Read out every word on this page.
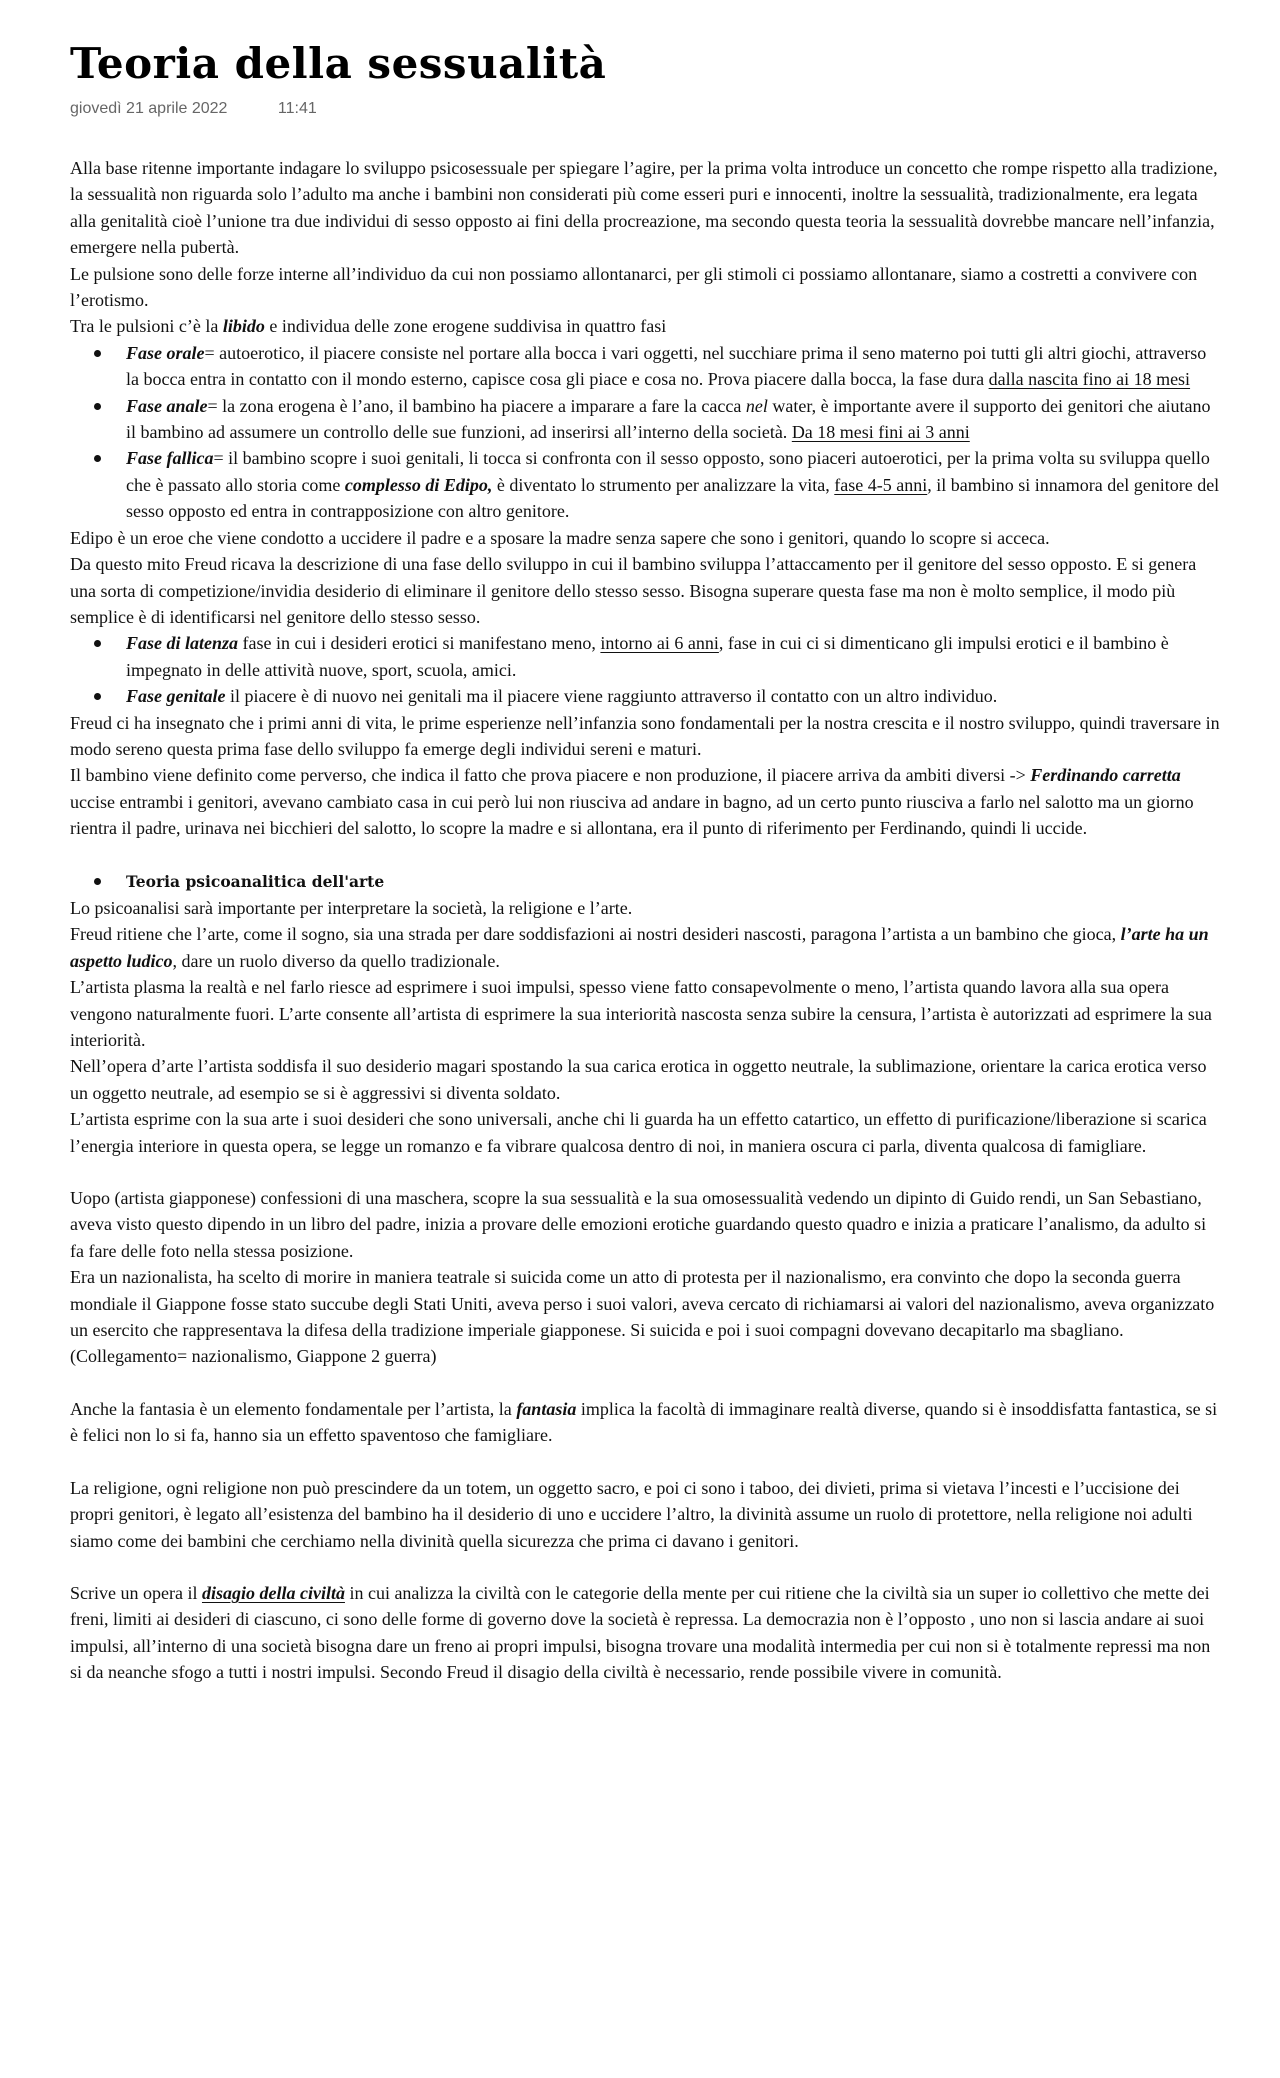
Teoria della sessualità
giovedì 21 aprile 2022	11:41

Alla base ritenne importante indagare lo sviluppo psicosessuale per spiegare l’agire, per la prima volta introduce un concetto che rompe rispetto alla tradizione, la sessualità non riguarda solo l’adulto ma anche i bambini non considerati più come esseri puri e innocenti, inoltre la sessualità, tradizionalmente, era legata alla genitalità cioè l’unione tra due individui di sesso opposto ai fini della procreazione, ma secondo questa teoria la sessualità dovrebbe mancare nell’infanzia, emergere nella pubertà.

Le pulsione sono delle forze interne all’individuo da cui non possiamo allontanarci, per gli stimoli ci possiamo allontanare, siamo a costretti a convivere con l’erotismo.

Tra le pulsioni c’è la libido e individua delle zone erogene suddivisa in quattro fasi

Fase orale= autoerotico, il piacere consiste nel portare alla bocca i vari oggetti, nel succhiare prima il seno materno poi tutti gli altri giochi, attraverso la bocca entra in contatto con il mondo esterno, capisce cosa gli piace e cosa no. Prova piacere dalla bocca, la fase dura dalla nascita fino ai 18 mesi
Fase anale= la zona erogena è l’ano, il bambino ha piacere a imparare a fare la cacca nel water, è importante avere il supporto dei genitori che aiutano il bambino ad assumere un controllo delle sue funzioni, ad inserirsi all’interno della società. Da 18 mesi fini ai 3 anni
Fase fallica= il bambino scopre i suoi genitali, li tocca si confronta con il sesso opposto, sono piaceri autoerotici, per la prima volta su sviluppa quello che è passato allo storia come complesso di Edipo, è diventato lo strumento per analizzare la vita, fase 4-5 anni, il bambino si innamora del genitore del sesso opposto ed entra in contrapposizione con altro genitore.

Edipo è un eroe che viene condotto a uccidere il padre e a sposare la madre senza sapere che sono i genitori, quando lo scopre si acceca.

Da questo mito Freud ricava la descrizione di una fase dello sviluppo in cui il bambino sviluppa l’attaccamento per il genitore del sesso opposto. E si genera una sorta di competizione/invidia desiderio di eliminare il genitore dello stesso sesso. Bisogna superare questa fase ma non è molto semplice, il modo più semplice è di identificarsi nel genitore dello stesso sesso.

Fase di latenza fase in cui i desideri erotici si manifestano meno, intorno ai 6 anni, fase in cui ci si dimenticano gli impulsi erotici e il bambino è impegnato in delle attività nuove, sport, scuola, amici.
Fase genitale il piacere è di nuovo nei genitali ma il piacere viene raggiunto attraverso il contatto con un altro individuo.

Freud ci ha insegnato che i primi anni di vita, le prime esperienze nell’infanzia sono fondamentali per la nostra crescita e il nostro sviluppo, quindi traversare in modo sereno questa prima fase dello sviluppo fa emerge degli individui sereni e maturi.

Il bambino viene definito come perverso, che indica il fatto che prova piacere e non produzione, il piacere arriva da ambiti diversi -> Ferdinando carretta uccise entrambi i genitori, avevano cambiato casa in cui però lui non riusciva ad andare in bagno, ad un certo punto riusciva a farlo nel salotto ma un giorno rientra il padre, urinava nei bicchieri del salotto, lo scopre la madre e si allontana, era il punto di riferimento per Ferdinando, quindi li uccide.

Teoria psicoanalitica dell'arte

Lo psicoanalisi sarà importante per interpretare la società, la religione e l’arte.

Freud ritiene che l’arte, come il sogno, sia una strada per dare soddisfazioni ai nostri desideri nascosti, paragona l’artista a un bambino che gioca, l’arte ha un aspetto ludico, dare un ruolo diverso da quello tradizionale.

L’artista plasma la realtà e nel farlo riesce ad esprimere i suoi impulsi, spesso viene fatto consapevolmente o meno, l’artista quando lavora alla sua opera vengono naturalmente fuori. L’arte consente all’artista di esprimere la sua interiorità nascosta senza subire la censura, l’artista è autorizzati ad esprimere la sua interiorità.

Nell’opera d’arte l’artista soddisfa il suo desiderio magari spostando la sua carica erotica in oggetto neutrale, la sublimazione, orientare la carica erotica verso un oggetto neutrale, ad esempio se si è aggressivi si diventa soldato.

L’artista esprime con la sua arte i suoi desideri che sono universali, anche chi li guarda ha un effetto catartico, un effetto di purificazione/liberazione si scarica l’energia interiore in questa opera, se legge un romanzo e fa vibrare qualcosa dentro di noi, in maniera oscura ci parla, diventa qualcosa di famigliare.

Uopo (artista giapponese) confessioni di una maschera, scopre la sua sessualità e la sua omosessualità vedendo un dipinto di Guido rendi, un San Sebastiano, aveva visto questo dipendo in un libro del padre, inizia a provare delle emozioni erotiche guardando questo quadro e inizia a praticare l’analismo, da adulto si fa fare delle foto nella stessa posizione.

Era un nazionalista, ha scelto di morire in maniera teatrale si suicida come un atto di protesta per il nazionalismo, era convinto che dopo la seconda guerra mondiale il Giappone fosse stato succube degli Stati Uniti, aveva perso i suoi valori, aveva cercato di richiamarsi ai valori del nazionalismo, aveva organizzato un esercito che rappresentava la difesa della tradizione imperiale giapponese. Si suicida e poi i suoi compagni dovevano decapitarlo ma sbagliano.

(Collegamento= nazionalismo, Giappone 2 guerra)

Anche la fantasia è un elemento fondamentale per l’artista, la fantasia implica la facoltà di immaginare realtà diverse, quando si è insoddisfatta fantastica, se si è felici non lo si fa, hanno sia un effetto spaventoso che famigliare.

La religione, ogni religione non può prescindere da un totem, un oggetto sacro, e poi ci sono i taboo, dei divieti, prima si vietava l’incesti e l’uccisione dei propri genitori, è legato all’esistenza del bambino ha il desiderio di uno e uccidere l’altro, la divinità assume un ruolo di protettore, nella religione noi adulti siamo come dei bambini che cerchiamo nella divinità quella sicurezza che prima ci davano i genitori.

Scrive un opera il disagio della civiltà in cui analizza la civiltà con le categorie della mente per cui ritiene che la civiltà sia un super io collettivo che mette dei freni, limiti ai desideri di ciascuno, ci sono delle forme di governo dove la società è repressa. La democrazia non è l’opposto , uno non si lascia andare ai suoi impulsi, all’interno di una società bisogna dare un freno ai propri impulsi, bisogna trovare una modalità intermedia per cui non si è totalmente repressi ma non si da neanche sfogo a tutti i nostri impulsi. Secondo Freud il disagio della civiltà è necessario, rende possibile vivere in comunità.
